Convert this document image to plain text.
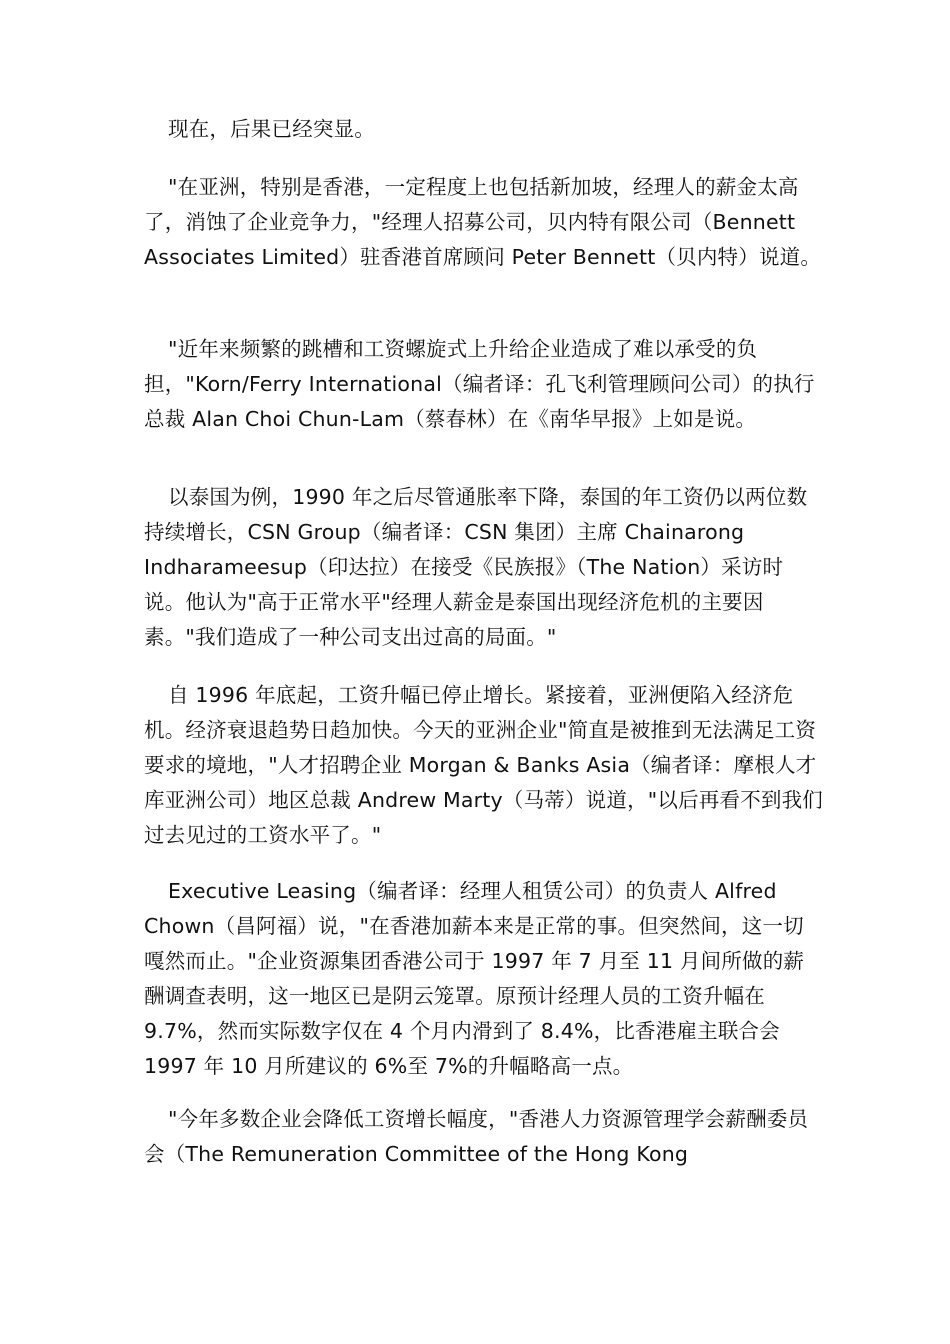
现在，后果已经突显。

"在亚洲，特别是香港，一定程度上也包括新加坡，经理人的薪金太高了，消蚀了企业竞争力，"经理人招募公司，贝内特有限公司（Bennett Associates Limited）驻香港首席顾问 Peter Bennett（贝内特）说道。

"近年来频繁的跳槽和工资螺旋式上升给企业造成了难以承受的负担，"Korn/Ferry International（编者译：孔飞利管理顾问公司）的执行总裁 Alan Choi Chun-Lam（蔡春林）在《南华早报》上如是说。

以泰国为例，1990 年之后尽管通胀率下降，泰国的年工资仍以两位数持续增长，CSN Group（编者译：CSN 集团）主席 Chainarong Indharameesup（印达拉）在接受《民族报》（The Nation）采访时说。他认为"高于正常水平"经理人薪金是泰国出现经济危机的主要因素。"我们造成了一种公司支出过高的局面。"

自 1996 年底起，工资升幅已停止增长。紧接着，亚洲便陷入经济危机。经济衰退趋势日趋加快。今天的亚洲企业"简直是被推到无法满足工资要求的境地，"人才招聘企业 Morgan & Banks Asia（编者译：摩根人才库亚洲公司）地区总裁 Andrew Marty（马蒂）说道，"以后再看不到我们过去见过的工资水平了。"

Executive Leasing（编者译：经理人租赁公司）的负责人 Alfred Chown（昌阿福）说，"在香港加薪本来是正常的事。但突然间，这一切嘎然而止。"企业资源集团香港公司于 1997 年 7 月至 11 月间所做的薪酬调查表明，这一地区已是阴云笼罩。原预计经理人员的工资升幅在 9.7%，然而实际数字仅在 4 个月内滑到了 8.4%，比香港雇主联合会 1997 年 10 月所建议的 6%至 7%的升幅略高一点。

"今年多数企业会降低工资增长幅度，"香港人力资源管理学会薪酬委员会（The Remuneration Committee of the Hong Kong
